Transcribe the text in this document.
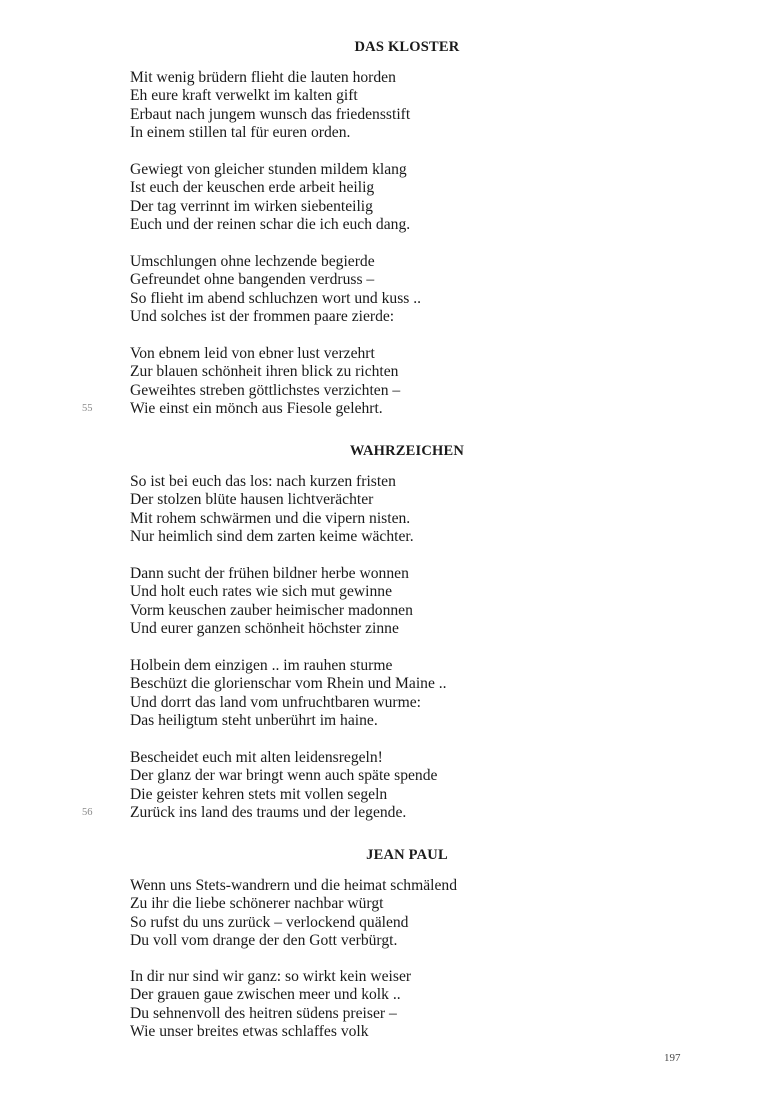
DAS KLOSTER
Mit wenig brüdern flieht die lauten horden
Eh eure kraft verwelkt im kalten gift
Erbaut nach jungem wunsch das friedensstift
In einem stillen tal für euren orden.
Gewiegt von gleicher stunden mildem klang
Ist euch der keuschen erde arbeit heilig
Der tag verrinnt im wirken siebenteilig
Euch und der reinen schar die ich euch dang.
Umschlungen ohne lechzende begierde
Gefreundet ohne bangenden verdruss –
So flieht im abend schluchzen wort und kuss ..
Und solches ist der frommen paare zierde:
Von ebnem leid von ebner lust verzehrt
Zur blauen schönheit ihren blick zu richten
Geweihtes streben göttlichstes verzichten –
Wie einst ein mönch aus Fiesole gelehrt.
55
WAHRZEICHEN
So ist bei euch das los: nach kurzen fristen
Der stolzen blüte hausen lichtverächter
Mit rohem schwärmen und die vipern nisten.
Nur heimlich sind dem zarten keime wächter.
Dann sucht der frühen bildner herbe wonnen
Und holt euch rates wie sich mut gewinne
Vorm keuschen zauber heimischer madonnen
Und eurer ganzen schönheit höchster zinne
Holbein dem einzigen .. im rauhen sturme
Beschüzt die glorienschar vom Rhein und Maine ..
Und dorrt das land vom unfruchtbaren wurme:
Das heiligtum steht unberührt im haine.
Bescheidet euch mit alten leidensregeln!
Der glanz der war bringt wenn auch späte spende
Die geister kehren stets mit vollen segeln
Zurück ins land des traums und der legende.
56
JEAN PAUL
Wenn uns Stets-wandrern und die heimat schmälend
Zu ihr die liebe schönerer nachbar würgt
So rufst du uns zurück – verlockend quälend
Du voll vom drange der den Gott verbürgt.
In dir nur sind wir ganz: so wirkt kein weiser
Der grauen gaue zwischen meer und kolk ..
Du sehnenvoll des heitren südens preiser –
Wie unser breites etwas schlaffes volk
197
